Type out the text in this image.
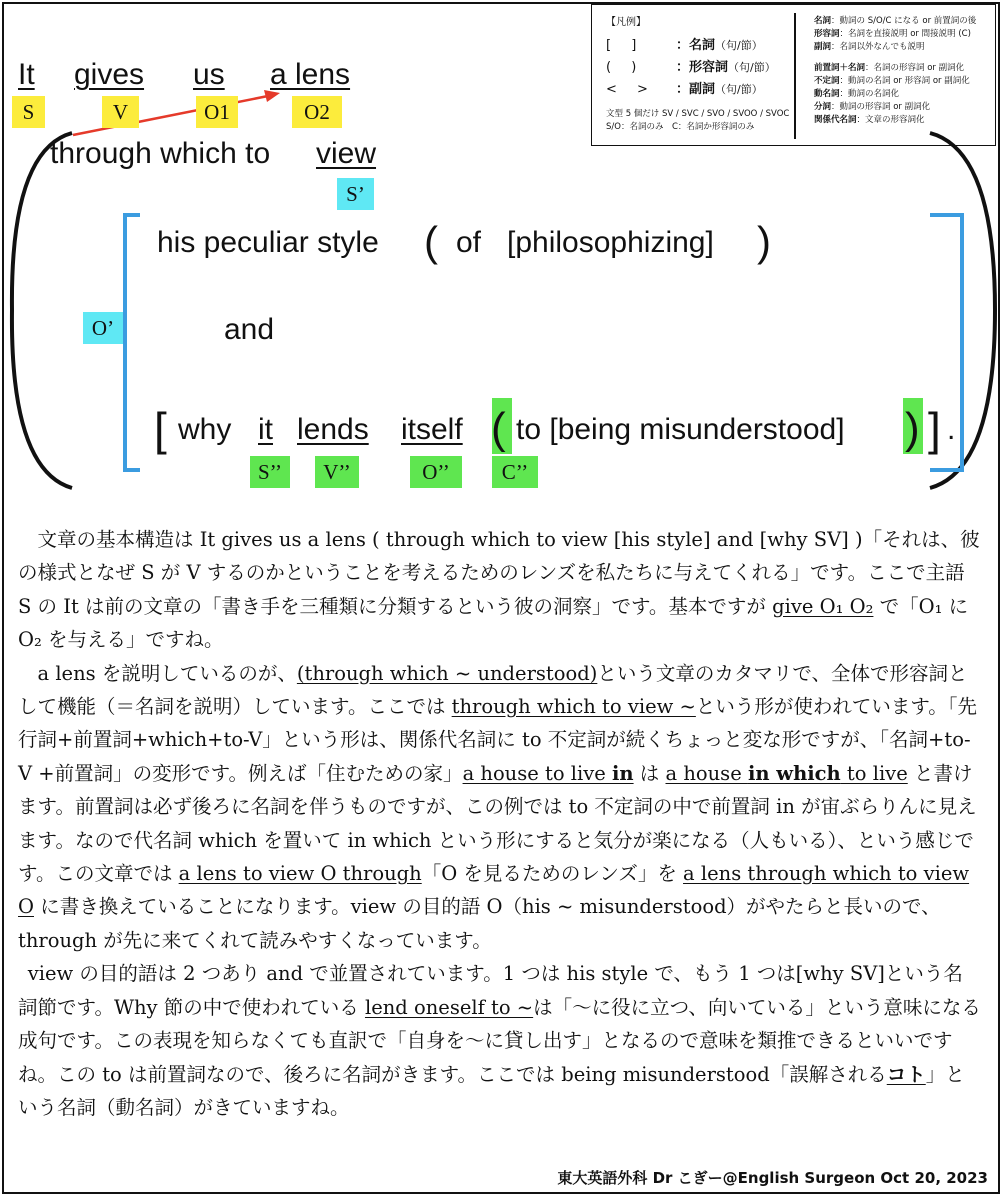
【凡例】
[　 ]	：名詞（句/節）
(　 )	：形容詞（句/節）
<　 >	：副詞（句/節）
文型 5 個だけ SV / SVC / SVO / SVOO / SVOC
S/O：名詞のみ　C：名詞か形容詞のみ
名詞：動詞の S/O/C になる or 前置詞の後
形容詞：名詞を直接説明 or 間接説明 (C)
副詞：名詞以外なんでも説明
前置詞＋名詞：名詞の形容詞 or 副詞化
不定詞：動詞の名詞 or 形容詞 or 副詞化
動名詞：動詞の名詞化
分詞：動詞の形容詞 or 副詞化
関係代名詞：文章の形容詞化
It gives us a lens
S	V	O1	O2
through which to view
S’
his peculiar style ( of [philosophizing] )
O’	and
[ why it lends itself ( to [being misunderstood] ) ] .
S’’	V’’	O’’	C’’

文章の基本構造は It gives us a lens ( through which to view [his style] and [why SV] )「それは、彼の様式となぜ S が V するのかということを考えるためのレンズを私たちに与えてくれる」です。ここで主語 S の It は前の文章の「書き手を三種類に分類するという彼の洞察」です。基本ですが give O₁ O₂ で「O₁ に O₂ を与える」ですね。

a lens を説明しているのが、(through which ~ understood)という文章のカタマリで、全体で形容詞として機能（＝名詞を説明）しています。ここでは through which to view ~という形が使われています。「先行詞+前置詞+which+to-V」という形は、関係代名詞に to 不定詞が続くちょっと変な形ですが、「名詞+to-V +前置詞」の変形です。例えば「住むための家」a house to live in は a house in which to live と書けます。前置詞は必ず後ろに名詞を伴うものですが、この例では to 不定詞の中で前置詞 in が宙ぶらりんに見えます。なので代名詞 which を置いて in which という形にすると気分が楽になる（人もいる）、という感じです。この文章では a lens to view O through「O を見るためのレンズ」を a lens through which to view O に書き換えていることになります。view の目的語 O（his ~ misunderstood）がやたらと長いので、through が先に来てくれて読みやすくなっています。

view の目的語は 2 つあり and で並置されています。1 つは his style で、もう 1 つは[why SV]という名詞節です。Why 節の中で使われている lend oneself to ~は「〜に役に立つ、向いている」という意味になる成句です。この表現を知らなくても直訳で「自身を〜に貸し出す」となるので意味を類推できるといいですね。この to は前置詞なので、後ろに名詞がきます。ここでは being misunderstood「誤解されるコト」という名詞（動名詞）がきていますね。

東大英語外科 Dr こぎー@English Surgeon Oct 20, 2023
